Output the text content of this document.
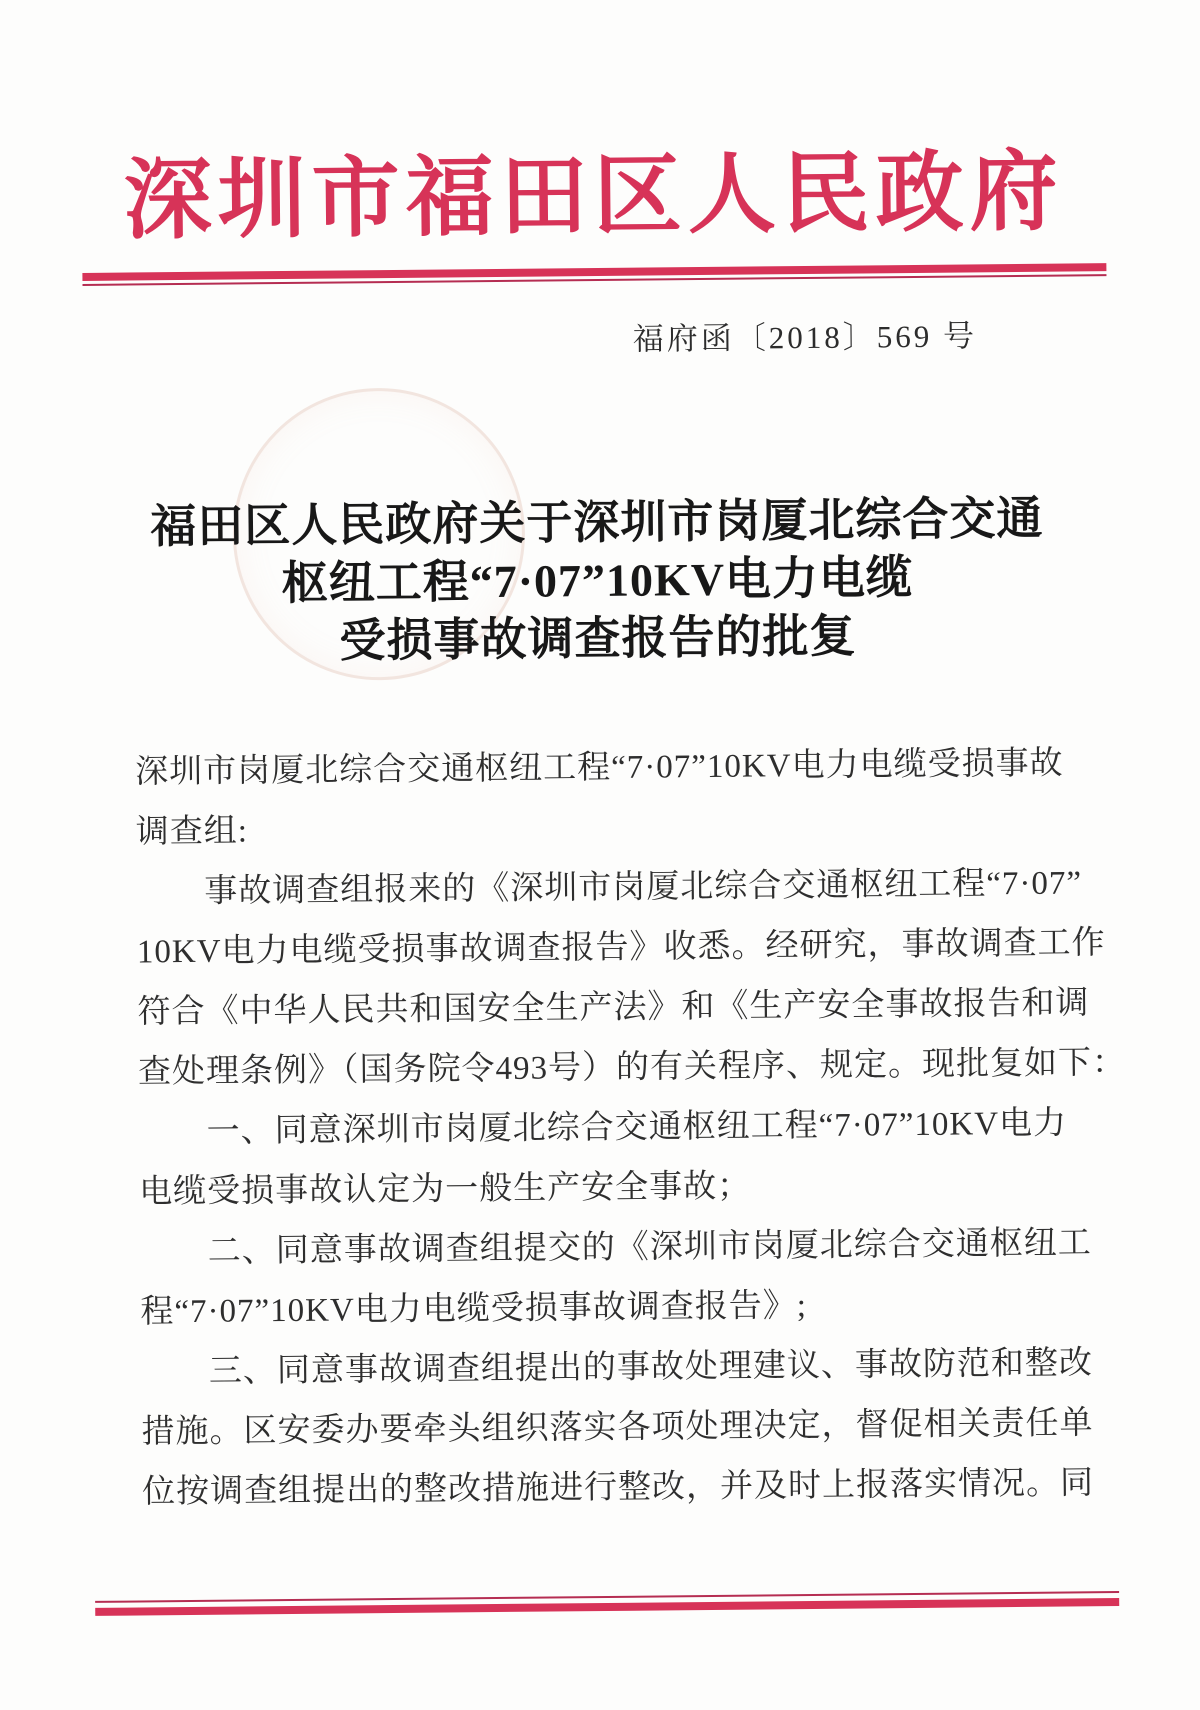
深圳市福田区人民政府
福府函〔2018〕569 号
福田区人民政府关于深圳市岗厦北综合交通
枢纽工程“7·07”10KV电力电缆
受损事故调查报告的批复
深圳市岗厦北综合交通枢纽工程“7·07”10KV电力电缆受损事故
调查组:
事故调查组报来的《深圳市岗厦北综合交通枢纽工程“7·07”
10KV电力电缆受损事故调查报告》收悉。经研究，事故调查工作
符合《中华人民共和国安全生产法》和《生产安全事故报告和调
查处理条例》（国务院令493号）的有关程序、规定。现批复如下：
一、同意深圳市岗厦北综合交通枢纽工程“7·07”10KV电力
电缆受损事故认定为一般生产安全事故；
二、同意事故调查组提交的《深圳市岗厦北综合交通枢纽工
程“7·07”10KV电力电缆受损事故调查报告》;
三、同意事故调查组提出的事故处理建议、事故防范和整改
措施。区安委办要牵头组织落实各项处理决定，督促相关责任单
位按调查组提出的整改措施进行整改，并及时上报落实情况。同
